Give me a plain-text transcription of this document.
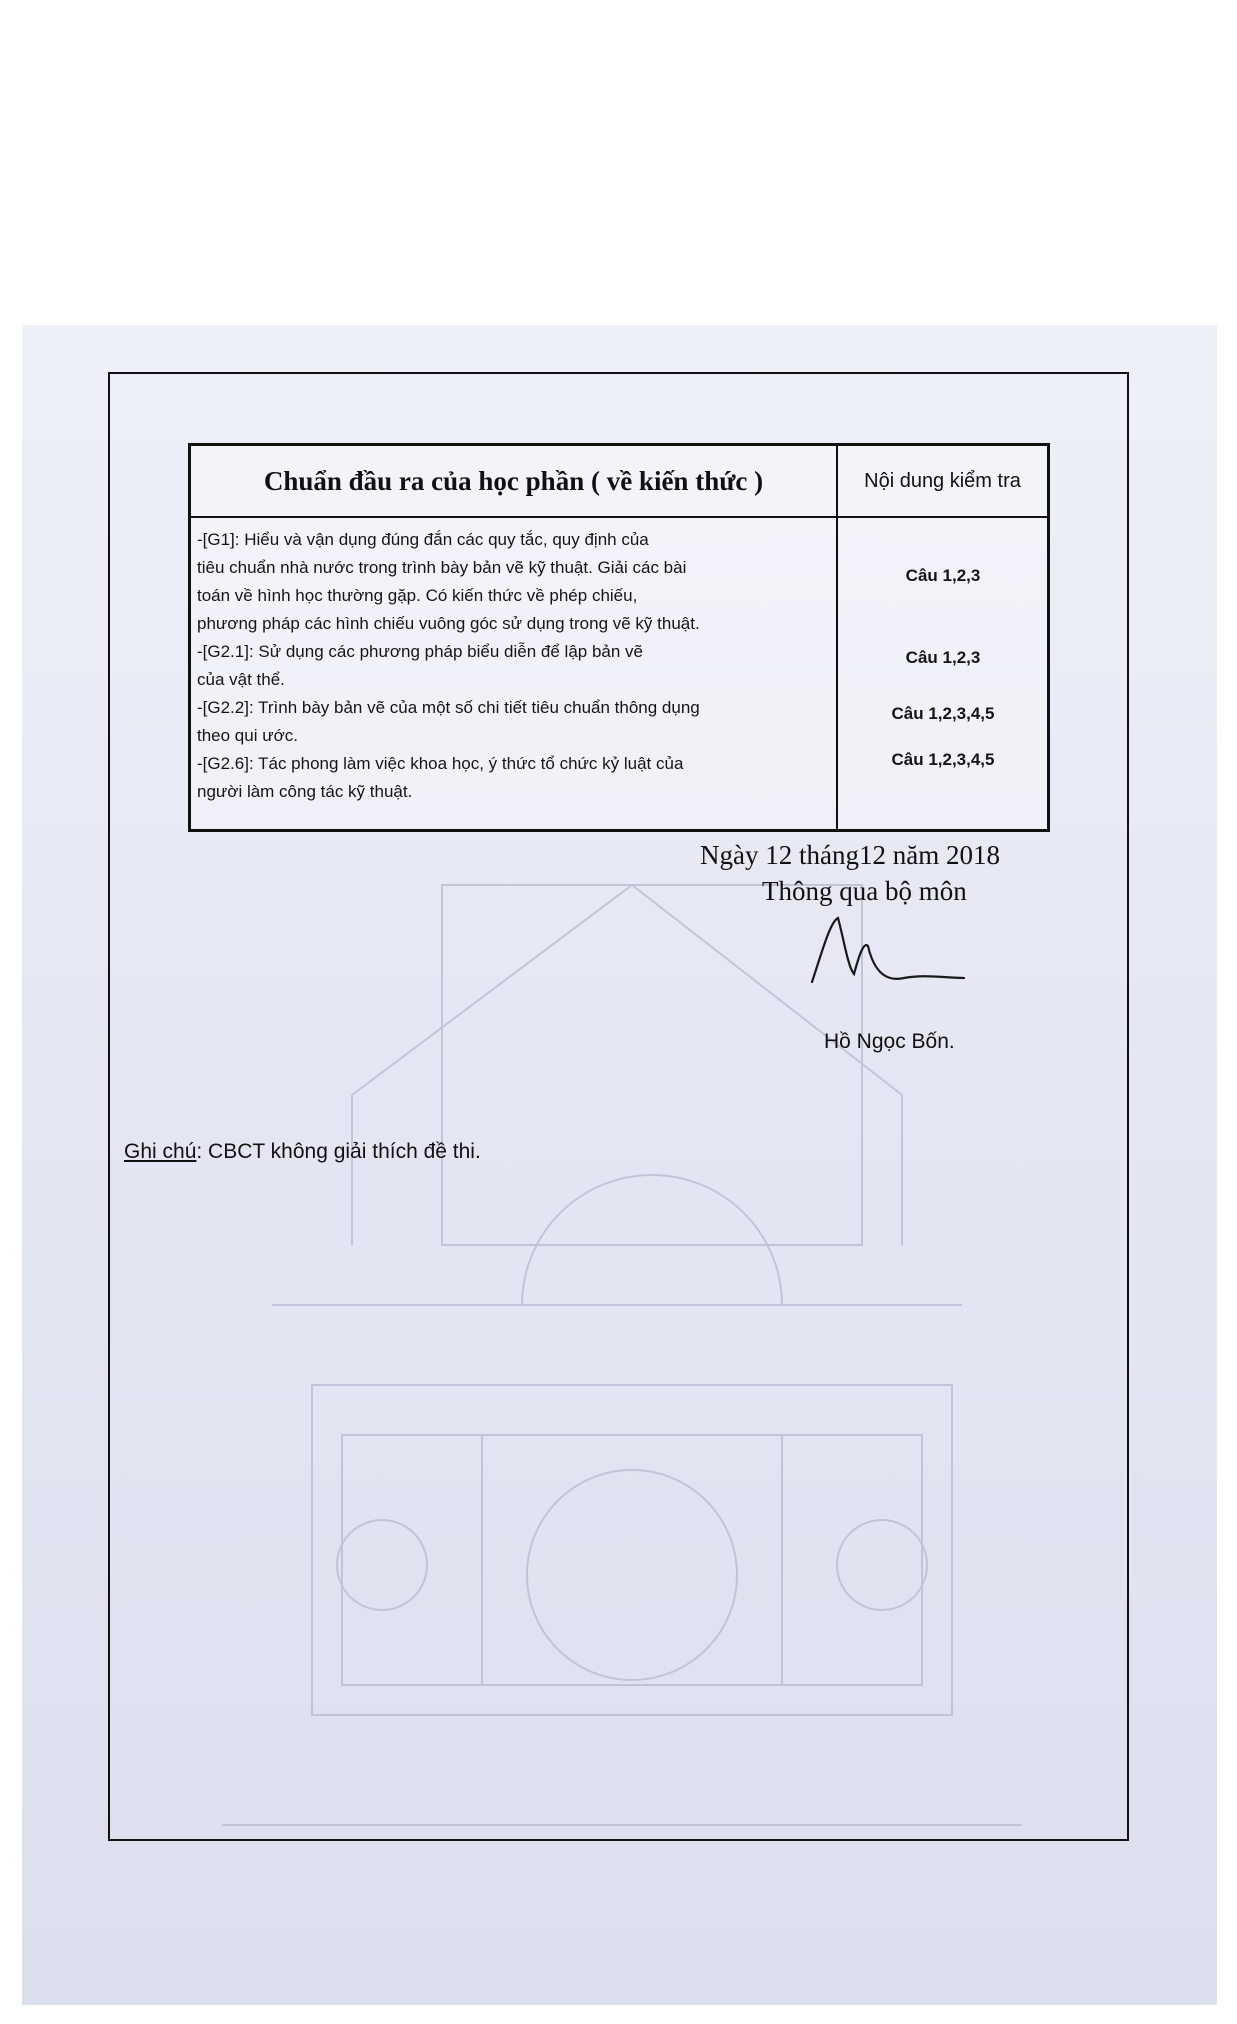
Chuẩn đầu ra của học phần ( về kiến thức )	Nội dung kiểm tra
-[G1]: Hiểu và vận dụng đúng đắn các quy tắc, quy định của
tiêu chuẩn nhà nước trong trình bày bản vẽ kỹ thuật. Giải các bài
toán về hình học thường gặp. Có kiến thức về phép chiếu,
phương pháp các hình chiếu vuông góc sử dụng trong vẽ kỹ thuật.
Câu 1,2,3
-[G2.1]: Sử dụng các phương pháp biểu diễn để lập bản vẽ
của vật thể.
Câu 1,2,3
-[G2.2]: Trình bày bản vẽ của một số chi tiết tiêu chuẩn thông dụng
theo qui ước.
Câu 1,2,3,4,5
-[G2.6]: Tác phong làm việc khoa học, ý thức tổ chức kỷ luật của
người làm công tác kỹ thuật.
Câu 1,2,3,4,5
Ngày 12 tháng12 năm 2018
Thông qua bộ môn
Hồ Ngọc Bốn.
Ghi chú: CBCT không giải thích đề thi.
